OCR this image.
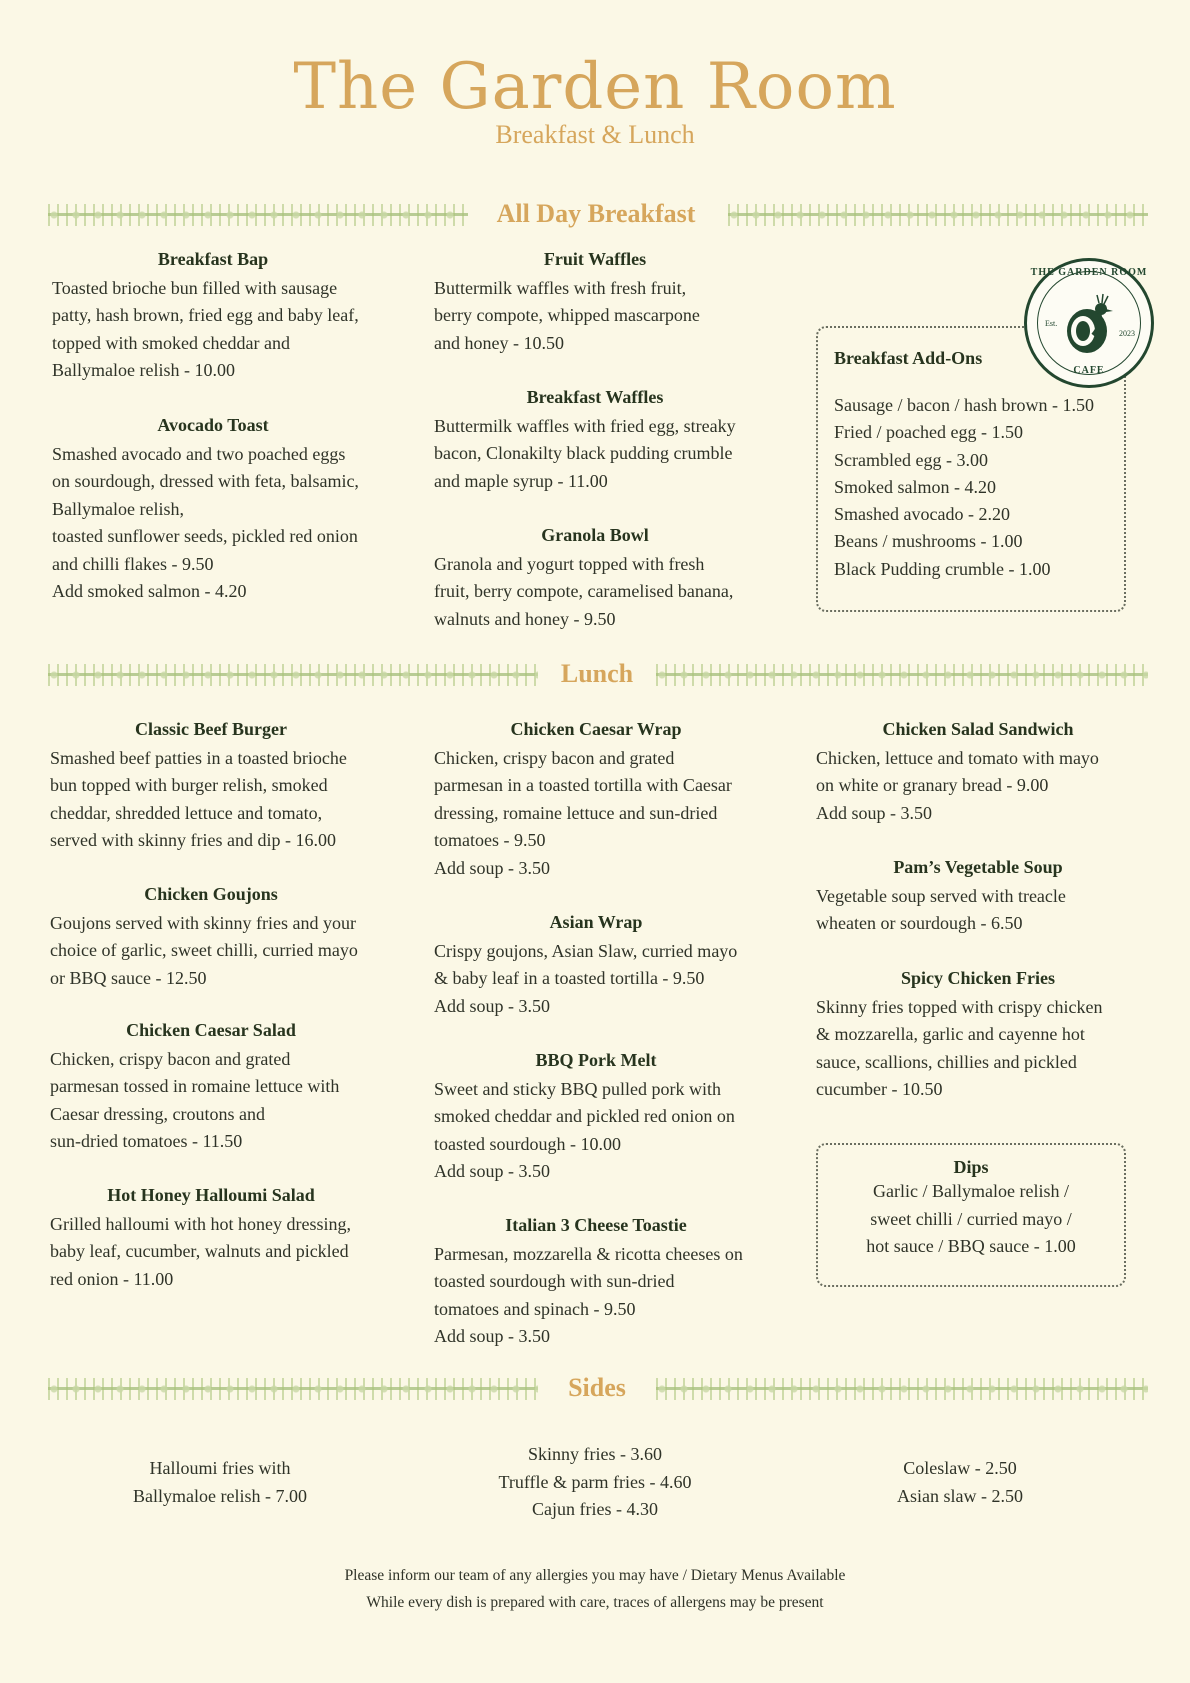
The Garden Room
Breakfast & Lunch
All Day Breakfast
Breakfast Bap
Toasted brioche bun filled with sausage
patty, hash brown, fried egg and baby leaf,
topped with smoked cheddar and
Ballymaloe relish - 10.00
Avocado Toast
Smashed avocado and two poached eggs
on sourdough, dressed with feta, balsamic,
Ballymaloe relish,
toasted sunflower seeds, pickled red onion
and chilli flakes - 9.50
Add smoked salmon - 4.20
Fruit Waffles
Buttermilk waffles with fresh fruit,
berry compote, whipped mascarpone
and honey - 10.50
Breakfast Waffles
Buttermilk waffles with fried egg, streaky
bacon, Clonakilty black pudding crumble
and maple syrup - 11.00
Granola Bowl
Granola and yogurt topped with fresh
fruit, berry compote, caramelised banana,
walnuts and honey - 9.50
Breakfast Add-Ons
Sausage / bacon / hash brown - 1.50
Fried / poached egg - 1.50
Scrambled egg - 3.00
Smoked salmon - 4.20
Smashed avocado - 2.20
Beans / mushrooms - 1.00
Black Pudding crumble - 1.00
THE GARDEN ROOM
Est.
2023
CAFE
Lunch
Classic Beef Burger
Smashed beef patties in a toasted brioche
bun topped with burger relish, smoked
cheddar, shredded lettuce and tomato,
served with skinny fries and dip - 16.00
Chicken Goujons
Goujons served with skinny fries and your
choice of garlic, sweet chilli, curried mayo
or BBQ sauce - 12.50
Chicken Caesar Salad
Chicken, crispy bacon and grated
parmesan tossed in romaine lettuce with
Caesar dressing, croutons and
sun-dried tomatoes - 11.50
Hot Honey Halloumi Salad
Grilled halloumi with hot honey dressing,
baby leaf, cucumber, walnuts and pickled
red onion - 11.00
Chicken Caesar Wrap
Chicken, crispy bacon and grated
parmesan in a toasted tortilla with Caesar
dressing, romaine lettuce and sun-dried
tomatoes - 9.50
Add soup - 3.50
Asian Wrap
Crispy goujons, Asian Slaw, curried mayo
& baby leaf in a toasted tortilla - 9.50
Add soup - 3.50
BBQ Pork Melt
Sweet and sticky BBQ pulled pork with
smoked cheddar and pickled red onion on
toasted sourdough - 10.00
Add soup - 3.50
Italian 3 Cheese Toastie
Parmesan, mozzarella & ricotta cheeses on
toasted sourdough with sun-dried
tomatoes and spinach - 9.50
Add soup - 3.50
Chicken Salad Sandwich
Chicken, lettuce and tomato with mayo
on white or granary bread - 9.00
Add soup - 3.50
Pam’s Vegetable Soup
Vegetable soup served with treacle
wheaten or sourdough - 6.50
Spicy Chicken Fries
Skinny fries topped with crispy chicken
& mozzarella, garlic and cayenne hot
sauce, scallions, chillies and pickled
cucumber - 10.50
Dips
Garlic / Ballymaloe relish /
sweet chilli / curried mayo /
hot sauce / BBQ sauce - 1.00
Sides
Halloumi fries with
Ballymaloe relish - 7.00
Skinny fries - 3.60
Truffle & parm fries - 4.60
Cajun fries - 4.30
Coleslaw - 2.50
Asian slaw - 2.50
Please inform our team of any allergies you may have / Dietary Menus Available
While every dish is prepared with care, traces of allergens may be present
